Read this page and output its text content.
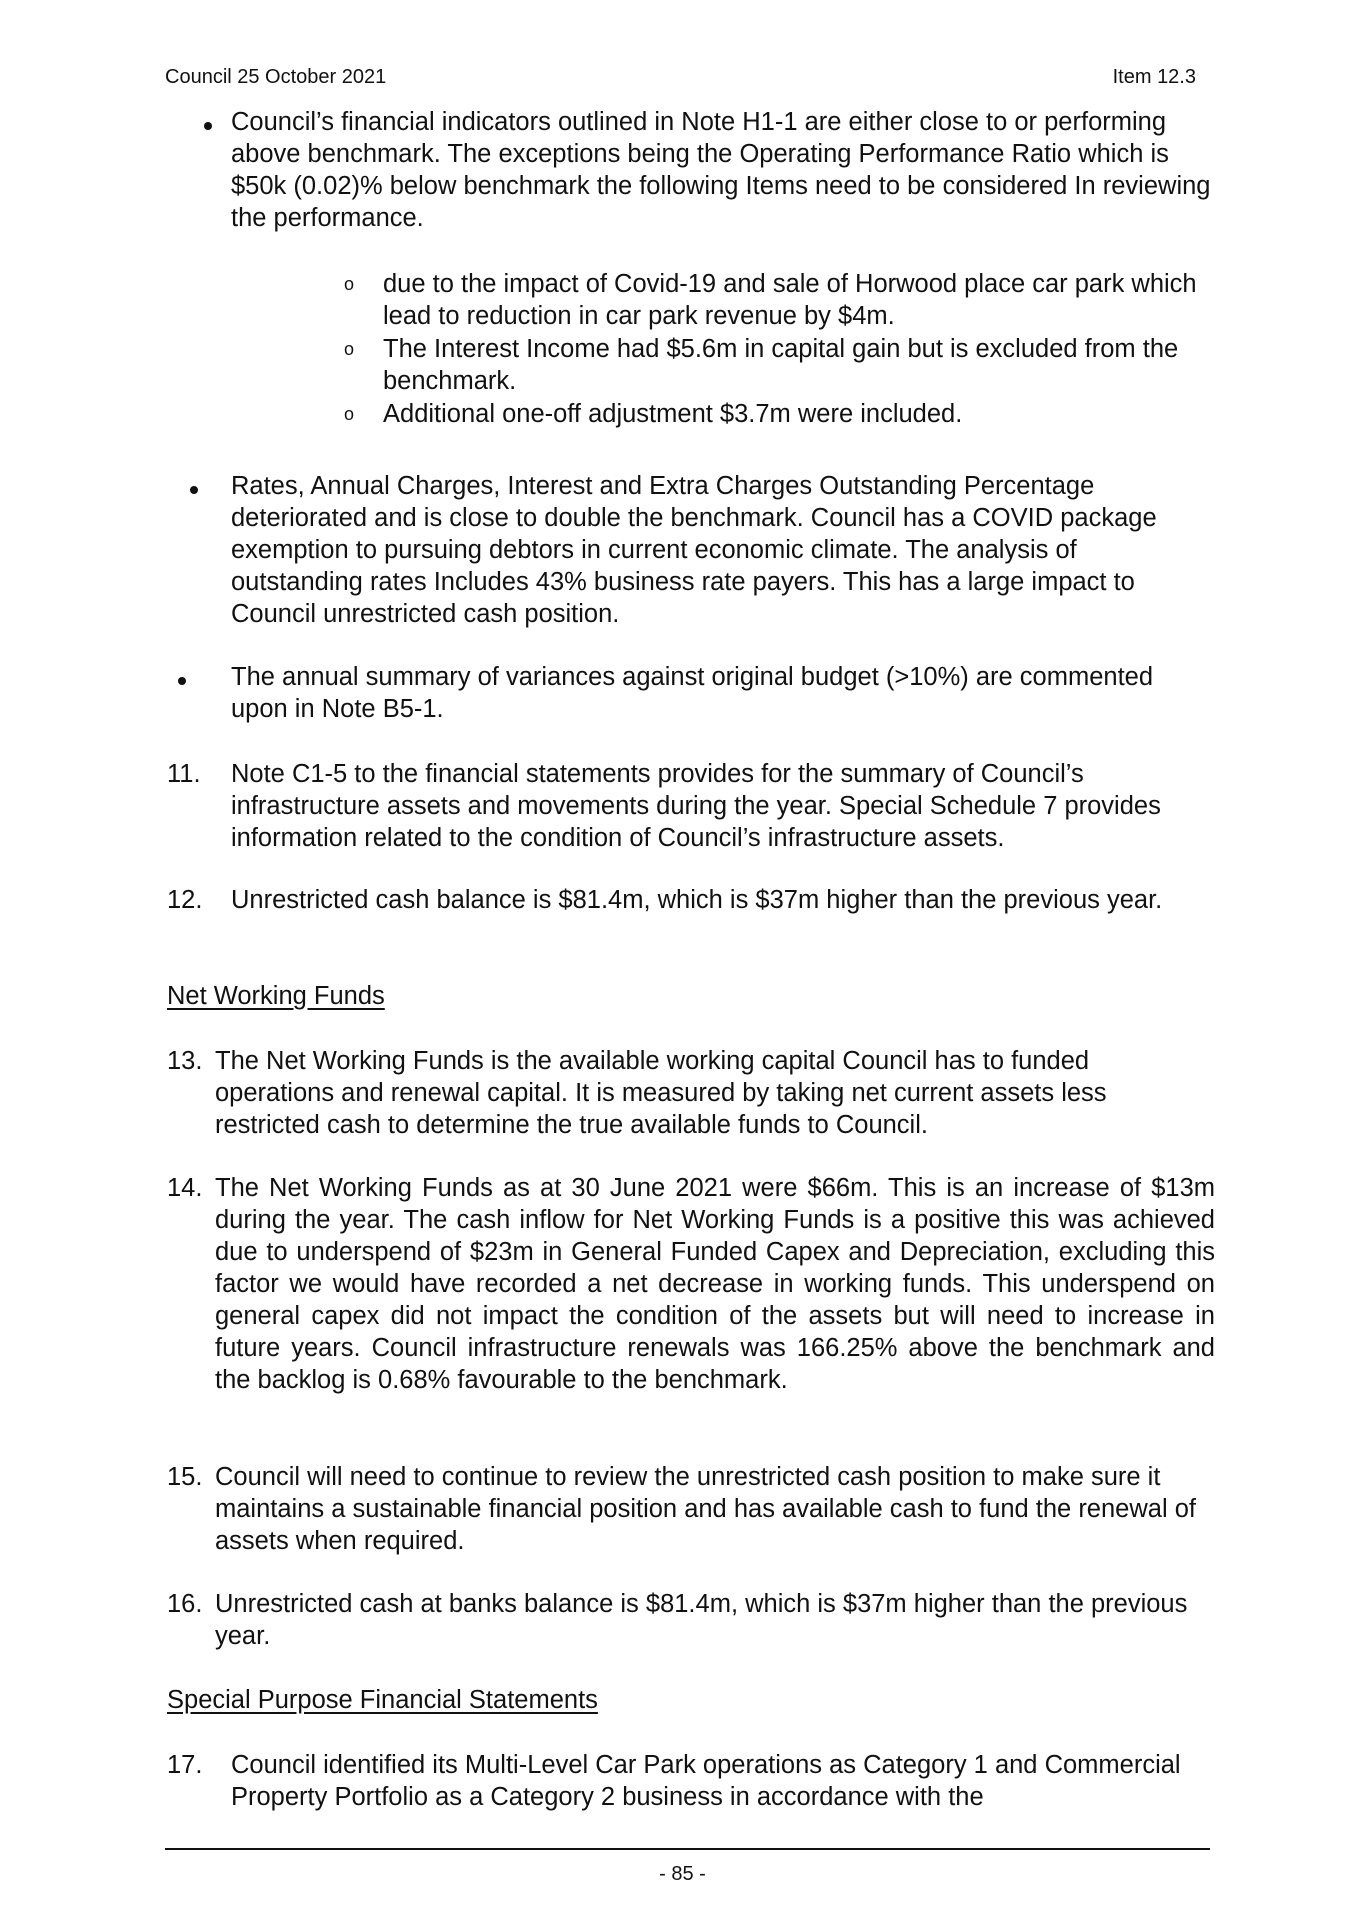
Council 25 October 2021	Item 12.3
Council’s financial indicators outlined in Note H1-1 are either close to or performing above benchmark. The exceptions being the Operating Performance Ratio which is $50k (0.02)% below benchmark the following Items need to be considered In reviewing the performance.
o due to the impact of Covid-19 and sale of Horwood place car park which lead to reduction in car park revenue by $4m.
o The Interest Income had $5.6m in capital gain but is excluded from the benchmark.
o Additional one-off adjustment $3.7m were included.
Rates, Annual Charges, Interest and Extra Charges Outstanding Percentage deteriorated and is close to double the benchmark. Council has a COVID package exemption to pursuing debtors in current economic climate. The analysis of outstanding rates Includes 43% business rate payers. This has a large impact to Council unrestricted cash position.
The annual summary of variances against original budget (>10%) are commented upon in Note B5-1.
11. Note C1-5 to the financial statements provides for the summary of Council’s infrastructure assets and movements during the year. Special Schedule 7 provides information related to the condition of Council’s infrastructure assets.
12. Unrestricted cash balance is $81.4m, which is $37m higher than the previous year.
Net Working Funds
13. The Net Working Funds is the available working capital Council has to funded operations and renewal capital. It is measured by taking net current assets less restricted cash to determine the true available funds to Council.
14. The Net Working Funds as at 30 June 2021 were $66m. This is an increase of $13m during the year. The cash inflow for Net Working Funds is a positive this was achieved due to underspend of $23m in General Funded Capex and Depreciation, excluding this factor we would have recorded a net decrease in working funds. This underspend on general capex did not impact the condition of the assets but will need to increase in future years. Council infrastructure renewals was 166.25% above the benchmark and the backlog is 0.68% favourable to the benchmark.
15. Council will need to continue to review the unrestricted cash position to make sure it maintains a sustainable financial position and has available cash to fund the renewal of assets when required.
16. Unrestricted cash at banks balance is $81.4m, which is $37m higher than the previous year.
Special Purpose Financial Statements
17. Council identified its Multi-Level Car Park operations as Category 1 and Commercial Property Portfolio as a Category 2 business in accordance with the
- 85 -
